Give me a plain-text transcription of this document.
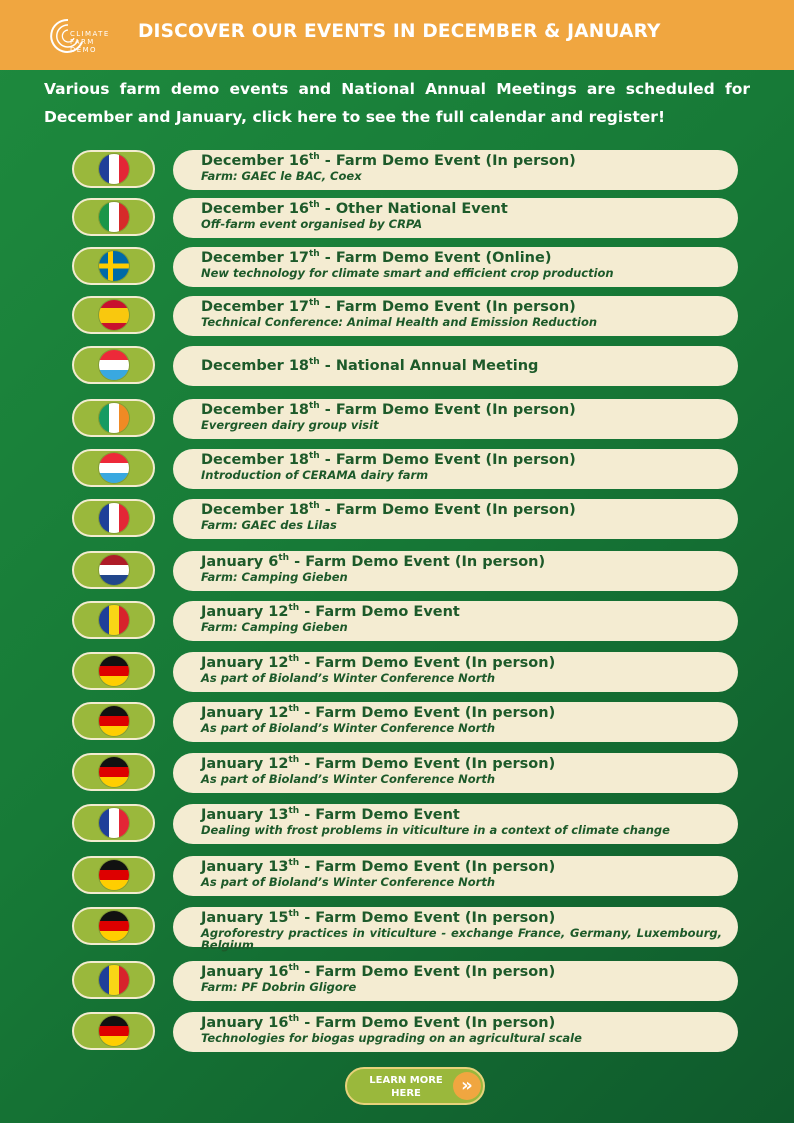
CLIMATE
FARM
DEMO
DISCOVER OUR EVENTS IN DECEMBER & JANUARY
Various farm demo events and National Annual Meetings are scheduled for December and January, click here to see the full calendar and register!
December 16th - Farm Demo Event (In person)
Farm: GAEC le BAC, Coex
December 16th - Other National Event
Off-farm event organised by CRPA
December 17th - Farm Demo Event (Online)
New technology for climate smart and efficient crop production
December 17th - Farm Demo Event (In person)
Technical Conference: Animal Health and Emission Reduction
December 18th - National Annual Meeting
December 18th - Farm Demo Event (In person)
Evergreen dairy group visit
December 18th - Farm Demo Event (In person)
Introduction of CERAMA dairy farm
December 18th - Farm Demo Event (In person)
Farm: GAEC des Lilas
January 6th - Farm Demo Event (In person)
Farm: Camping Gieben
January 12th - Farm Demo Event
Farm: Camping Gieben
January 12th - Farm Demo Event (In person)
As part of Bioland’s Winter Conference North
January 12th - Farm Demo Event (In person)
As part of Bioland’s Winter Conference North
January 12th - Farm Demo Event (In person)
As part of Bioland’s Winter Conference North
January 13th - Farm Demo Event
Dealing with frost problems in viticulture in a context of climate change
January 13th - Farm Demo Event (In person)
As part of Bioland’s Winter Conference North
January 15th - Farm Demo Event (In person)
Agroforestry practices in viticulture - exchange France, Germany, Luxembourg, Belgium
January 16th - Farm Demo Event (In person)
Farm: PF Dobrin Gligore
January 16th - Farm Demo Event (In person)
Technologies for biogas upgrading on an agricultural scale
LEARN MORE HERE	»
